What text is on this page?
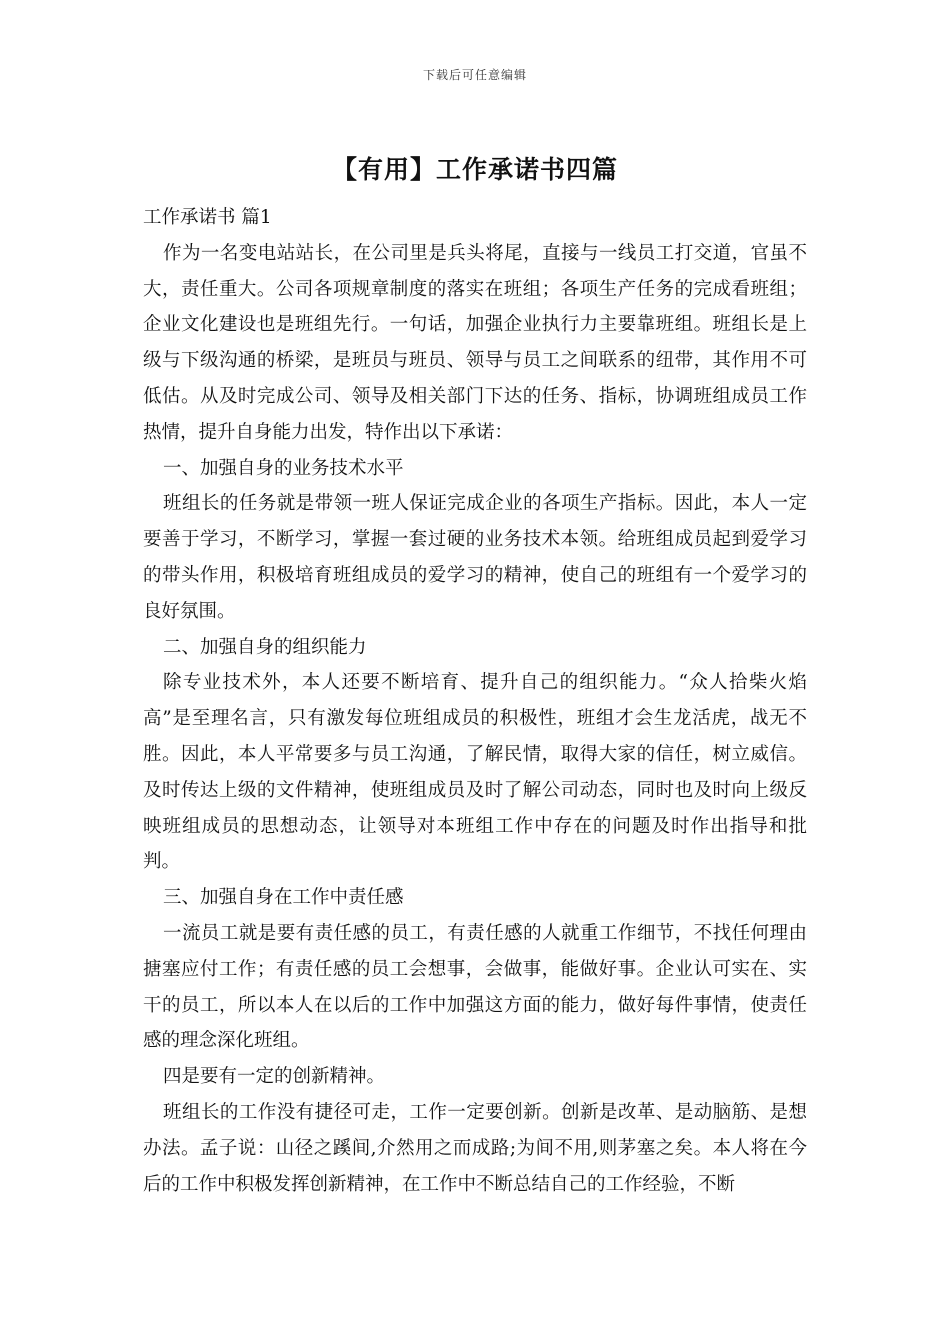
下载后可任意编辑
【有用】工作承诺书四篇

工作承诺书 篇1

作为一名变电站站长，在公司里是兵头将尾，直接与一线员工打交道，官虽不大，责任重大。公司各项规章制度的落实在班组；各项生产任务的完成看班组；企业文化建设也是班组先行。一句话，加强企业执行力主要靠班组。班组长是上级与下级沟通的桥梁，是班员与班员、领导与员工之间联系的纽带，其作用不可低估。从及时完成公司、领导及相关部门下达的任务、指标，协调班组成员工作热情，提升自身能力出发，特作出以下承诺：

一、加强自身的业务技术水平

班组长的任务就是带领一班人保证完成企业的各项生产指标。因此，本人一定要善于学习，不断学习，掌握一套过硬的业务技术本领。给班组成员起到爱学习的带头作用，积极培育班组成员的爱学习的精神，使自己的班组有一个爱学习的良好氛围。

二、加强自身的组织能力

除专业技术外，本人还要不断培育、提升自己的组织能力。“众人拾柴火焰高”是至理名言，只有激发每位班组成员的积极性，班组才会生龙活虎，战无不胜。因此，本人平常要多与员工沟通，了解民情，取得大家的信任，树立威信。及时传达上级的文件精神，使班组成员及时了解公司动态，同时也及时向上级反映班组成员的思想动态，让领导对本班组工作中存在的问题及时作出指导和批判。

三、加强自身在工作中责任感

一流员工就是要有责任感的员工，有责任感的人就重工作细节，不找任何理由搪塞应付工作；有责任感的员工会想事，会做事，能做好事。企业认可实在、实干的员工，所以本人在以后的工作中加强这方面的能力，做好每件事情，使责任感的理念深化班组。

四是要有一定的创新精神。

班组长的工作没有捷径可走，工作一定要创新。创新是改革、是动脑筋、是想办法。孟子说：山径之蹊间,介然用之而成路;为间不用,则茅塞之矣。本人将在今后的工作中积极发挥创新精神，在工作中不断总结自己的工作经验，不断
